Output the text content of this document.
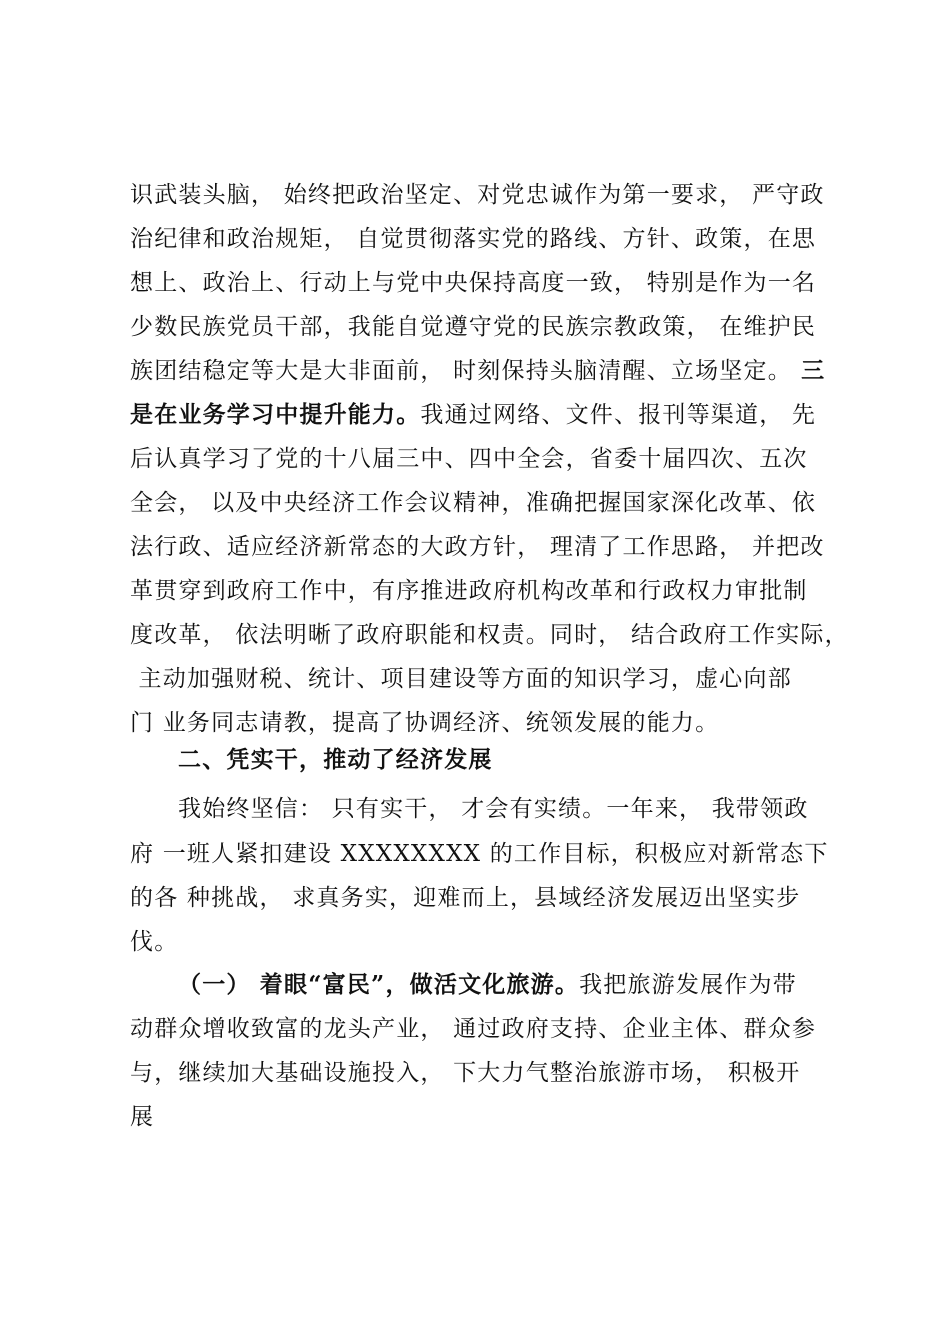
识武装头脑， 始终把政治坚定、对党忠诚作为第一要求， 严守政
治纪律和政治规矩， 自觉贯彻落实党的路线、方针、政策，在思
想上、政治上、行动上与党中央保持高度一致， 特别是作为一名
少数民族党员干部，我能自觉遵守党的民族宗教政策， 在维护民
族团结稳定等大是大非面前， 时刻保持头脑清醒、立场坚定。 三
是在业务学习中提升能力。我通过网络、文件、报刊等渠道， 先
后认真学习了党的十八届三中、四中全会，省委十届四次、五次
全会， 以及中央经济工作会议精神，准确把握国家深化改革、依
法行政、适应经济新常态的大政方针， 理清了工作思路， 并把改
革贯穿到政府工作中，有序推进政府机构改革和行政权力审批制
度改革， 依法明晰了政府职能和权责。同时， 结合政府工作实际，
主动加强财税、统计、项目建设等方面的知识学习，虚心向部
门 业务同志请教，提高了协调经济、统领发展的能力。
二、凭实干，推动了经济发展
我始终坚信： 只有实干， 才会有实绩。一年来， 我带领政
府 一班人紧扣建设 XXXXXXXX 的工作目标，积极应对新常态下
的各 种挑战， 求真务实，迎难而上，县域经济发展迈出坚实步
伐。
（一） 着眼“富民”，做活文化旅游。我把旅游发展作为带
动群众增收致富的龙头产业， 通过政府支持、企业主体、群众参
与，继续加大基础设施投入， 下大力气整治旅游市场， 积极开
展
